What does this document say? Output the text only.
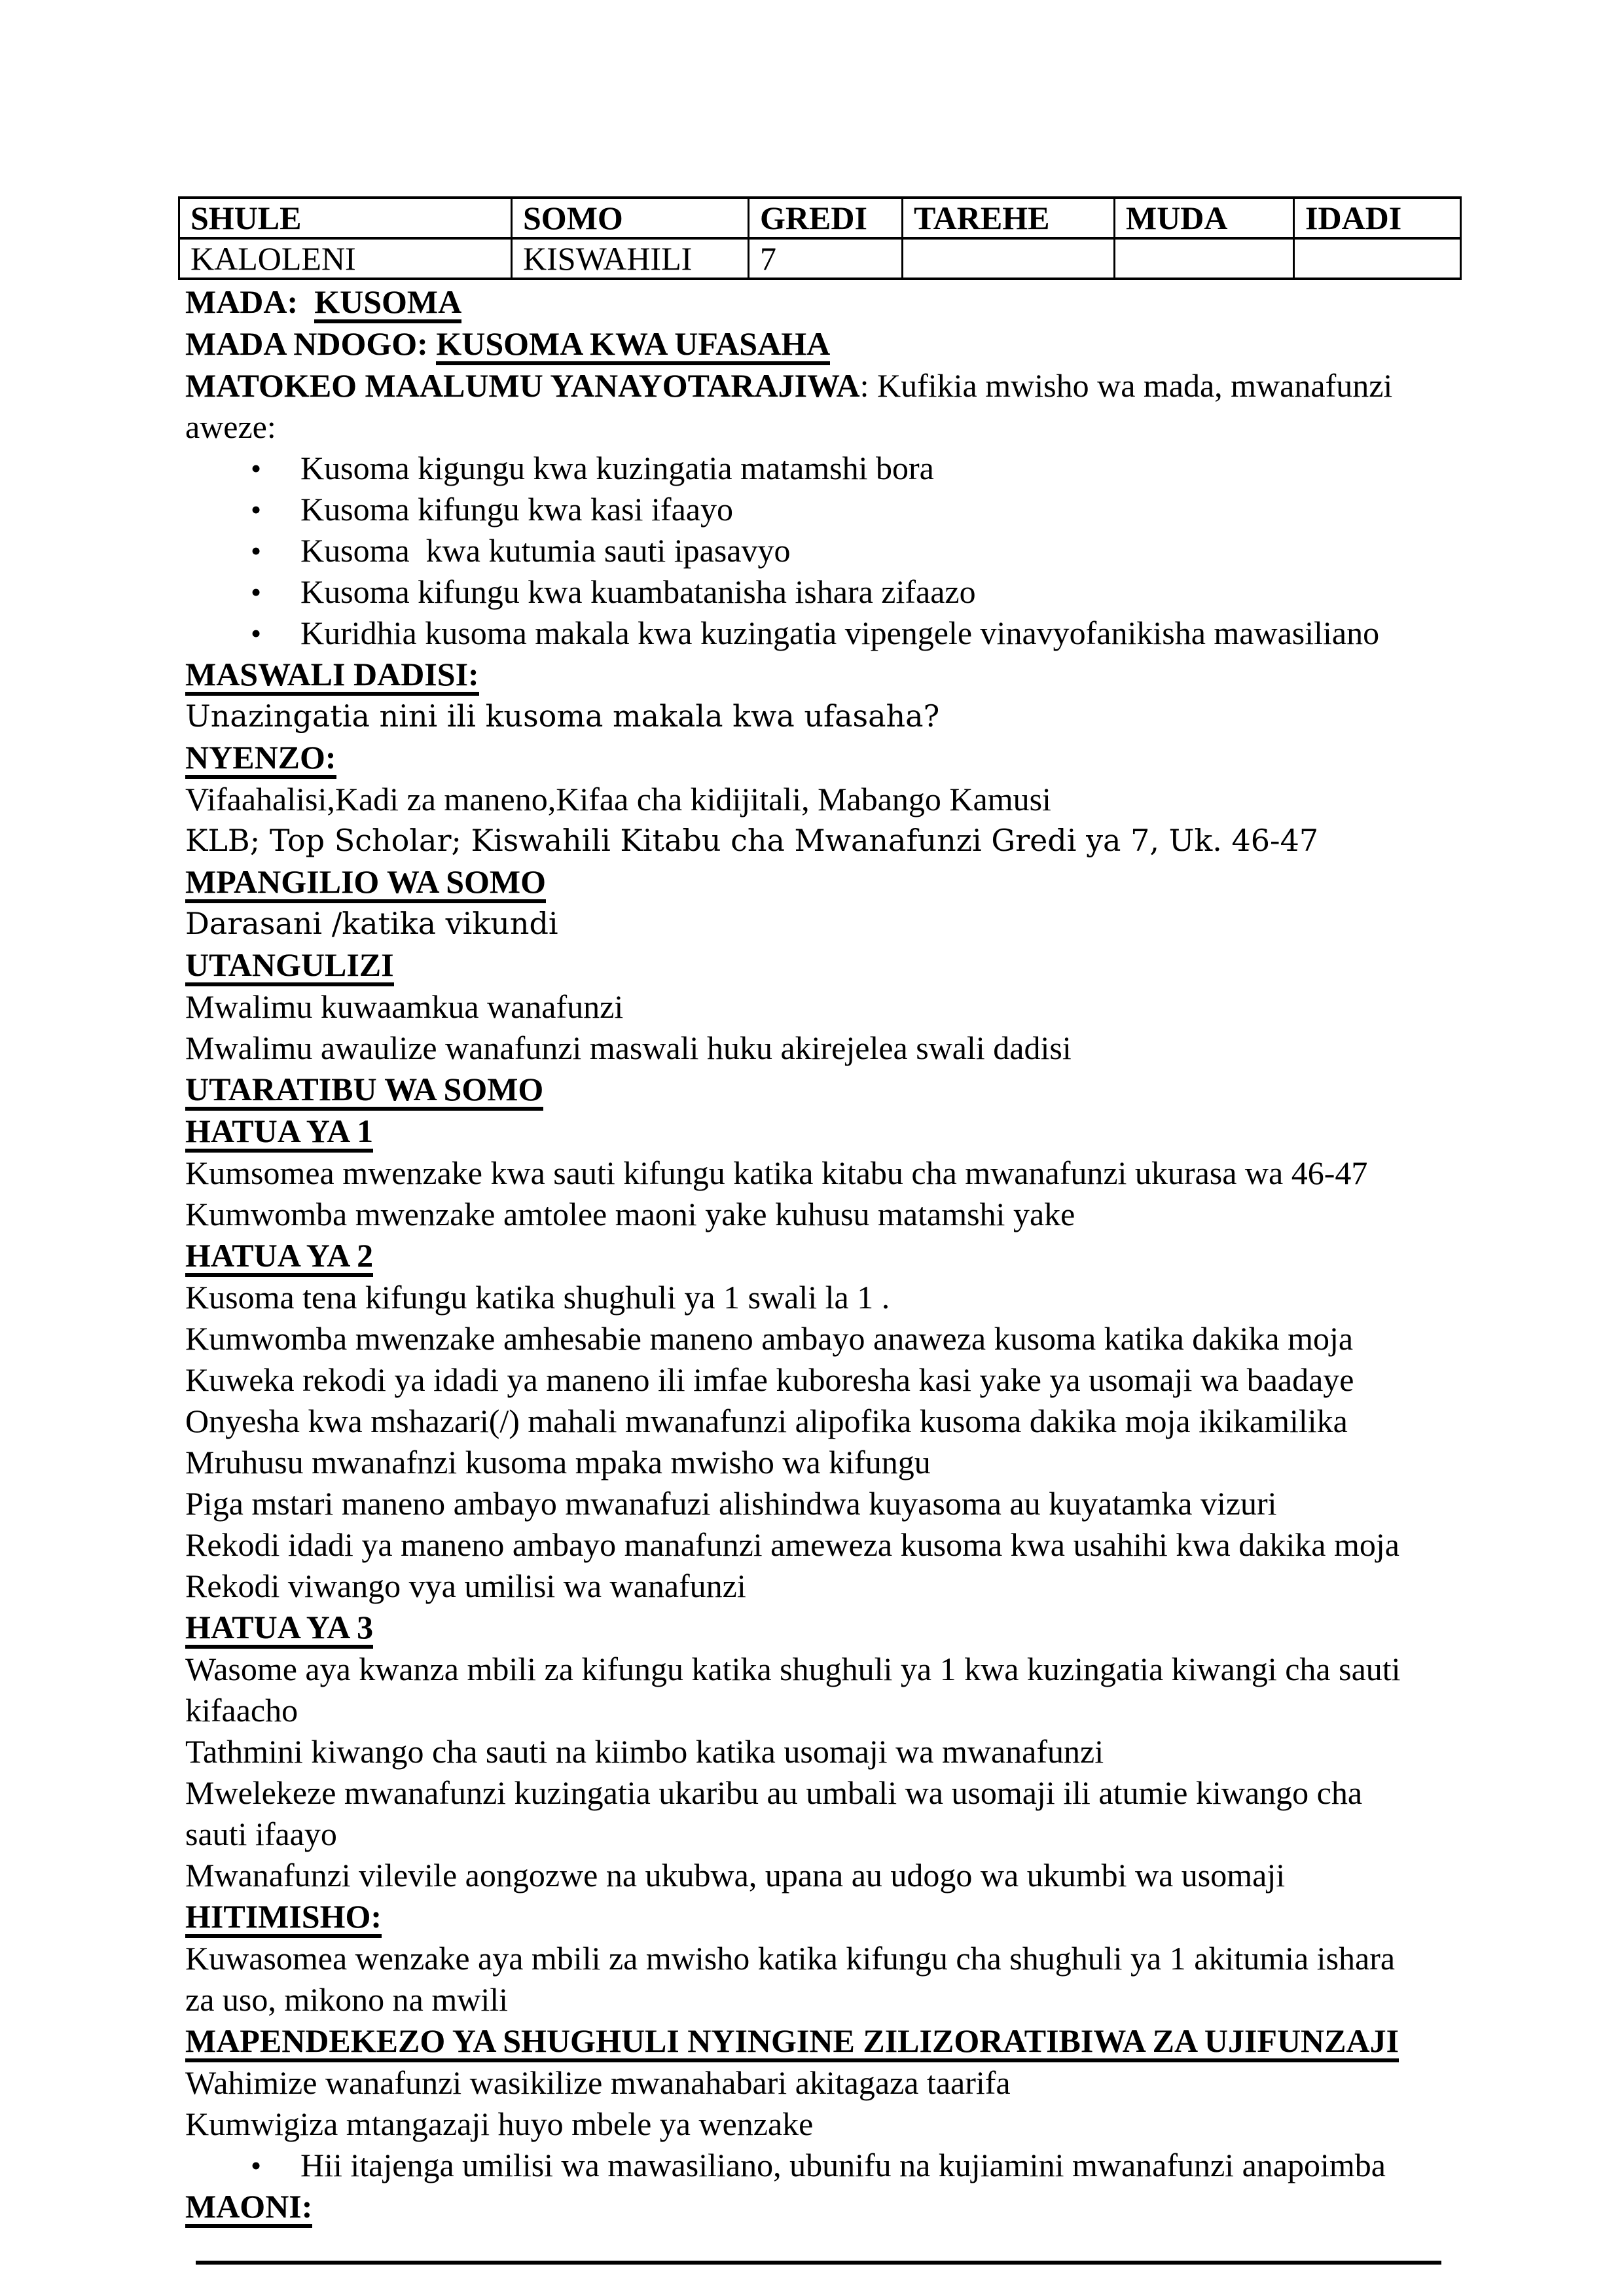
SHULE	SOMO	GREDI	TAREHE	MUDA	IDADI
KALOLENI	KISWAHILI	7			
MADA:  KUSOMA
MADA NDOGO: KUSOMA KWA UFASAHA
MATOKEO MAALUMU YANAYOTARAJIWA: Kufikia mwisho wa mada, mwanafunzi
aweze:
• Kusoma kigungu kwa kuzingatia matamshi bora
• Kusoma kifungu kwa kasi ifaayo
• Kusoma  kwa kutumia sauti ipasavyo
• Kusoma kifungu kwa kuambatanisha ishara zifaazo
• Kuridhia kusoma makala kwa kuzingatia vipengele vinavyofanikisha mawasiliano
MASWALI DADISI:
Unazingatia nini ili kusoma makala kwa ufasaha?
NYENZO:
Vifaahalisi,Kadi za maneno,Kifaa cha kidijitali, Mabango Kamusi
KLB; Top Scholar; Kiswahili Kitabu cha Mwanafunzi Gredi ya 7, Uk. 46-47
MPANGILIO WA SOMO
Darasani /katika vikundi
UTANGULIZI
Mwalimu kuwaamkua wanafunzi
Mwalimu awaulize wanafunzi maswali huku akirejelea swali dadisi
UTARATIBU WA SOMO
HATUA YA 1
Kumsomea mwenzake kwa sauti kifungu katika kitabu cha mwanafunzi ukurasa wa 46-47
Kumwomba mwenzake amtolee maoni yake kuhusu matamshi yake
HATUA YA 2
Kusoma tena kifungu katika shughuli ya 1 swali la 1 .
Kumwomba mwenzake amhesabie maneno ambayo anaweza kusoma katika dakika moja
Kuweka rekodi ya idadi ya maneno ili imfae kuboresha kasi yake ya usomaji wa baadaye
Onyesha kwa mshazari(/) mahali mwanafunzi alipofika kusoma dakika moja ikikamilika
Mruhusu mwanafnzi kusoma mpaka mwisho wa kifungu
Piga mstari maneno ambayo mwanafuzi alishindwa kuyasoma au kuyatamka vizuri
Rekodi idadi ya maneno ambayo manafunzi ameweza kusoma kwa usahihi kwa dakika moja
Rekodi viwango vya umilisi wa wanafunzi
HATUA YA 3
Wasome aya kwanza mbili za kifungu katika shughuli ya 1 kwa kuzingatia kiwangi cha sauti
kifaacho
Tathmini kiwango cha sauti na kiimbo katika usomaji wa mwanafunzi
Mwelekeze mwanafunzi kuzingatia ukaribu au umbali wa usomaji ili atumie kiwango cha
sauti ifaayo
Mwanafunzi vilevile aongozwe na ukubwa, upana au udogo wa ukumbi wa usomaji
HITIMISHO:
Kuwasomea wenzake aya mbili za mwisho katika kifungu cha shughuli ya 1 akitumia ishara
za uso, mikono na mwili
MAPENDEKEZO YA SHUGHULI NYINGINE ZILIZORATIBIWA ZA UJIFUNZAJI
Wahimize wanafunzi wasikilize mwanahabari akitagaza taarifa
Kumwigiza mtangazaji huyo mbele ya wenzake
• Hii itajenga umilisi wa mawasiliano, ubunifu na kujiamini mwanafunzi anapoimba
MAONI:
